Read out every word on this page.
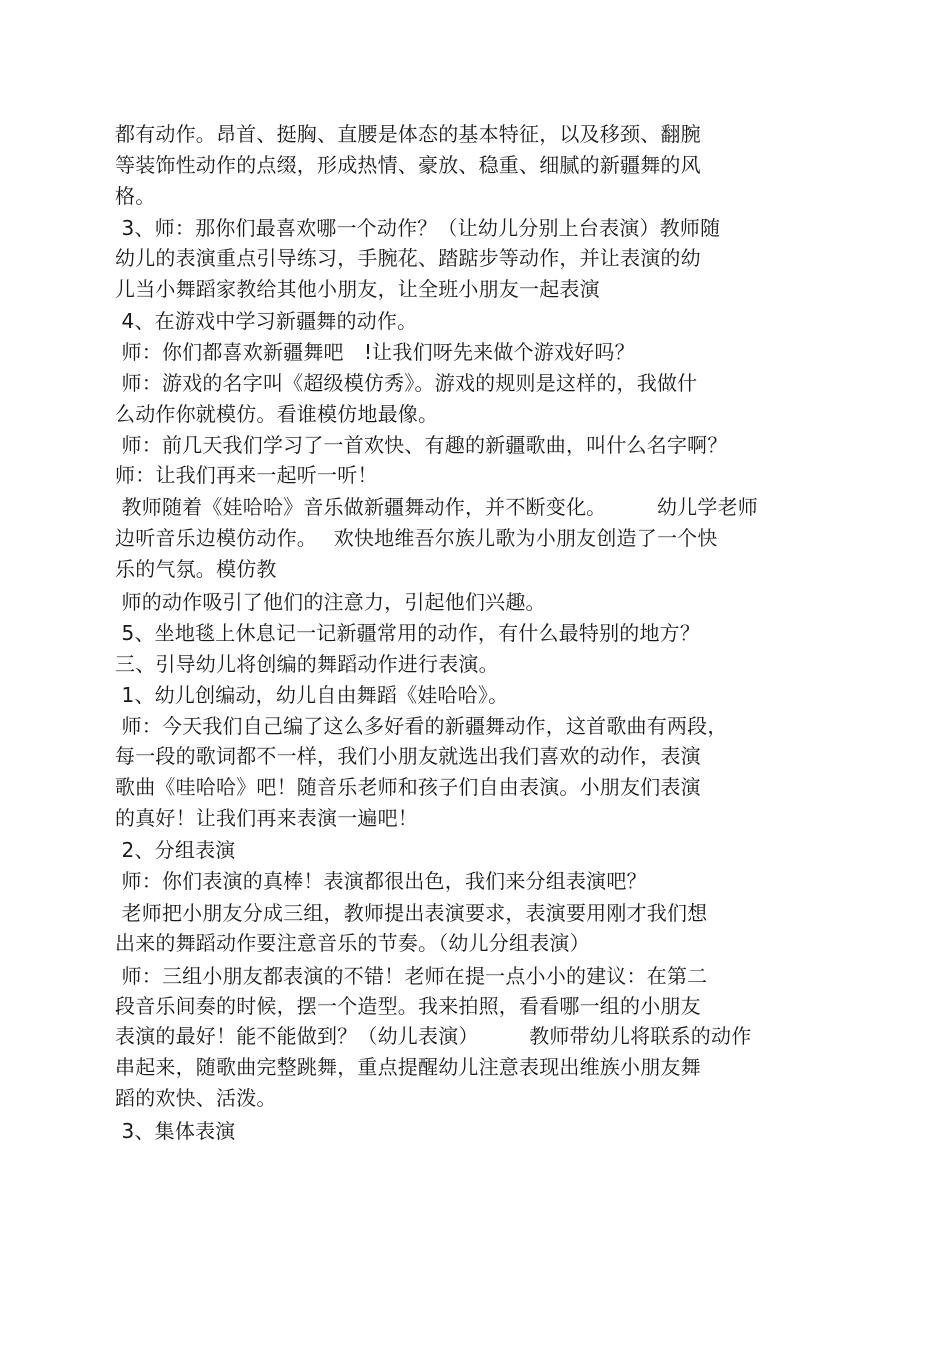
都有动作。昂首、挺胸、直腰是体态的基本特征，以及移颈、翻腕
等装饰性动作的点缀，形成热情、豪放、稳重、细腻的新疆舞的风
格。
3、师：那你们最喜欢哪一个动作？（让幼儿分别上台表演）教师随
幼儿的表演重点引导练习，手腕花、踏踮步等动作，并让表演的幼
儿当小舞蹈家教给其他小朋友，让全班小朋友一起表演
4、在游戏中学习新疆舞的动作。
师：你们都喜欢新疆舞吧　!让我们呀先来做个游戏好吗？
师：游戏的名字叫《超级模仿秀》。游戏的规则是这样的，我做什
么动作你就模仿。看谁模仿地最像。
师：前几天我们学习了一首欢快、有趣的新疆歌曲，叫什么名字啊？
师：让我们再来一起听一听！
教师随着《娃哈哈》音乐做新疆舞动作，并不断变化。　　　幼儿学老师
边听音乐边模仿动作。　 欢快地维吾尔族儿歌为小朋友创造了一个快
乐的气氛。模仿教
师的动作吸引了他们的注意力，引起他们兴趣。
5、坐地毯上休息记一记新疆常用的动作，有什么最特别的地方？
三、引导幼儿将创编的舞蹈动作进行表演。
1、幼儿创编动，幼儿自由舞蹈《娃哈哈》。
师：今天我们自己编了这么多好看的新疆舞动作，这首歌曲有两段，
每一段的歌词都不一样，我们小朋友就选出我们喜欢的动作，表演
歌曲《哇哈哈》吧！随音乐老师和孩子们自由表演。小朋友们表演
的真好！让我们再来表演一遍吧！
2、分组表演
师：你们表演的真棒！表演都很出色，我们来分组表演吧？
老师把小朋友分成三组，教师提出表演要求，表演要用刚才我们想
出来的舞蹈动作要注意音乐的节奏。（幼儿分组表演）
师：三组小朋友都表演的不错！老师在提一点小小的建议：在第二
段音乐间奏的时候，摆一个造型。我来拍照，看看哪一组的小朋友
表演的最好！能不能做到？（幼儿表演）　　　教师带幼儿将联系的动作
串起来，随歌曲完整跳舞，重点提醒幼儿注意表现出维族小朋友舞
蹈的欢快、活泼。
3、集体表演
